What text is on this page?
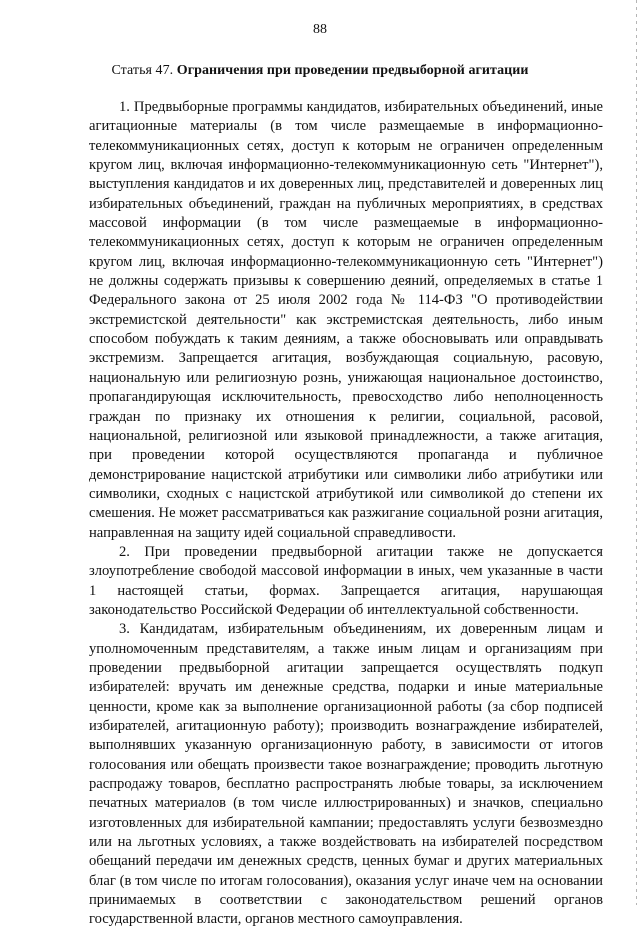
88
Статья 47. Ограничения при проведении предвыборной агитации

1. Предвыборные программы кандидатов, избирательных объединений, иные агитационные материалы (в том числе размещаемые в информационно-телекоммуникационных сетях, доступ к которым не ограничен определенным кругом лиц, включая информационно-телекоммуникационную сеть "Интернет"), выступления кандидатов и их доверенных лиц, представителей и доверенных лиц избирательных объединений, граждан на публичных мероприятиях, в средствах массовой информации (в том числе размещаемые в информационно-телекоммуникационных сетях, доступ к которым не ограничен определенным кругом лиц, включая информационно-телекоммуникационную сеть "Интернет") не должны содержать призывы к совершению деяний, определяемых в статье 1 Федерального закона от 25 июля 2002 года № 114-ФЗ "О противодействии экстремистской деятельности" как экстремистская деятельность, либо иным способом побуждать к таким деяниям, а также обосновывать или оправдывать экстремизм. Запрещается агитация, возбуждающая социальную, расовую, национальную или религиозную рознь, унижающая национальное достоинство, пропагандирующая исключительность, превосходство либо неполноценность граждан по признаку их отношения к религии, социальной, расовой, национальной, религиозной или языковой принадлежности, а также агитация, при проведении которой осуществляются пропаганда и публичное демонстрирование нацистской атрибутики или символики либо атрибутики или символики, сходных с нацистской атрибутикой или символикой до степени их смешения. Не может рассматриваться как разжигание социальной розни агитация, направленная на защиту идей социальной справедливости.

2. При проведении предвыборной агитации также не допускается злоупотребление свободой массовой информации в иных, чем указанные в части 1 настоящей статьи, формах. Запрещается агитация, нарушающая законодательство Российской Федерации об интеллектуальной собственности.

3. Кандидатам, избирательным объединениям, их доверенным лицам и уполномоченным представителям, а также иным лицам и организациям при проведении предвыборной агитации запрещается осуществлять подкуп избирателей: вручать им денежные средства, подарки и иные материальные ценности, кроме как за выполнение организационной работы (за сбор подписей избирателей, агитационную работу); производить вознаграждение избирателей, выполнявших указанную организационную работу, в зависимости от итогов голосования или обещать произвести такое вознаграждение; проводить льготную распродажу товаров, бесплатно распространять любые товары, за исключением печатных материалов (в том числе иллюстрированных) и значков, специально изготовленных для избирательной кампании; предоставлять услуги безвозмездно или на льготных условиях, а также воздействовать на избирателей посредством обещаний передачи им денежных средств, ценных бумаг и других материальных благ (в том числе по итогам голосования), оказания услуг иначе чем на основании принимаемых в соответствии с законодательством решений органов государственной власти, органов местного самоуправления.
